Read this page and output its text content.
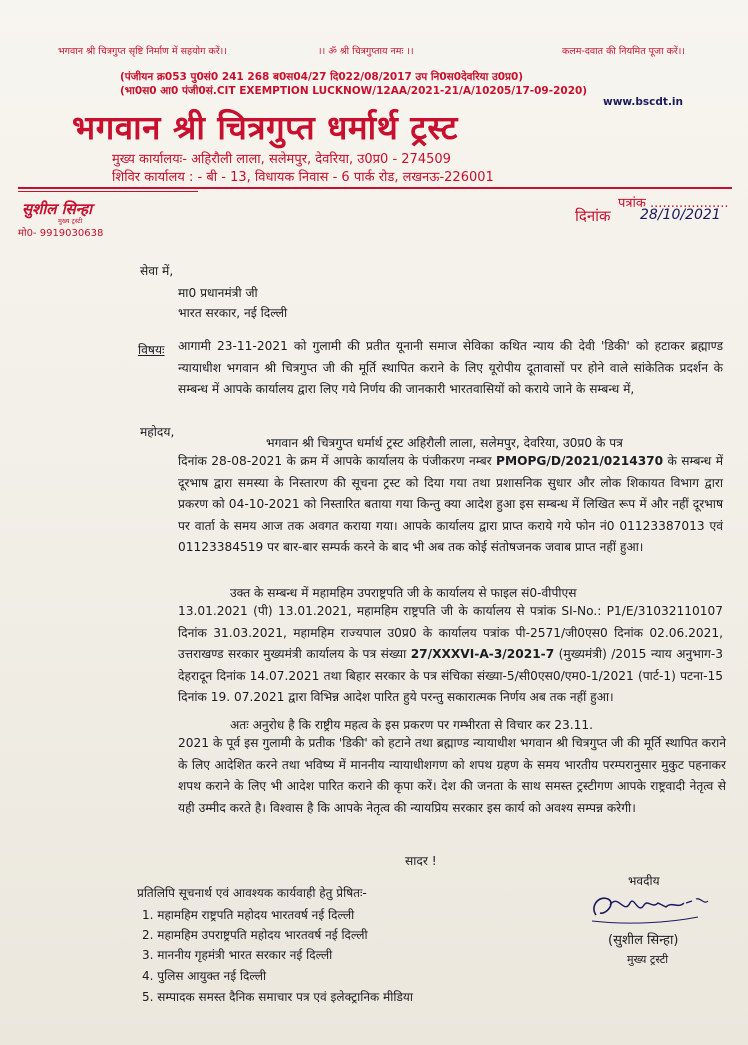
भगवान श्री चित्रगुप्त सृष्टि निर्माण में सहयोग करें।।	।। ॐ श्री चित्रगुप्ताय नमः ।।	कलम-दवात की नियमित पूजा करें।।
(पंजीयन क्र053 पु0सं0 241 268 ब0स04/27 दि022/08/2017 उप नि0स0देवरिया उ0प्र0)
(भा0स0 आ0 पंजी0सं.CIT EXEMPTION LUCKNOW/12AA/2021-21/A/10205/17-09-2020)
www.bscdt.in
भगवान श्री चित्रगुप्त धर्मार्थ ट्रस्ट
मुख्य कार्यालयः- अहिरौली लाला, सलेमपुर, देवरिया, उ0प्र0 - 274509
शिविर कार्यालय : - बी - 13, विधायक निवास - 6 पार्क रोड, लखनऊ-226001
सुशील सिन्हा
मुख्य ट्रस्टी
मो0- 9919030638
पत्रांक ...................
दिनांक 28/10/2021
सेवा में,
मा0 प्रधानमंत्री जी
भारत सरकार, नई दिल्ली
विषयः आगामी 23-11-2021 को गुलामी की प्रतीत यूनानी समाज सेविका कथित न्याय की देवी 'डिकी' को हटाकर ब्रह्माण्ड न्यायाधीश भगवान श्री चित्रगुप्त जी की मूर्ति स्थापित कराने के लिए यूरोपीय दूतावासों पर होने वाले सांकेतिक प्रदर्शन के सम्बन्ध में आपके कार्यालय द्वारा लिए गये निर्णय की जानकारी भारतवासियों को कराये जाने के सम्बन्ध में,
महोदय,
भगवान श्री चित्रगुप्त धर्मार्थ ट्रस्ट अहिरौली लाला, सलेमपुर, देवरिया, उ0प्र0 के पत्र
दिनांक 28-08-2021 के क्रम में आपके कार्यालय के पंजीकरण नम्बर PMOPG/D/2021/0214370 के सम्बन्ध में दूरभाष द्वारा समस्या के निस्तारण की सूचना ट्रस्ट को दिया गया तथा प्रशासनिक सुधार और लोक शिकायत विभाग द्वारा प्रकरण को 04-10-2021 को निस्तारित बताया गया किन्तु क्या आदेश हुआ इस सम्बन्ध में लिखित रूप में और नहीं दूरभाष पर वार्ता के समय आज तक अवगत कराया गया। आपके कार्यालय द्वारा प्राप्त कराये गये फोन नं0 01123387013 एवं 01123384519 पर बार-बार सम्पर्क करने के बाद भी अब तक कोई संतोषजनक जवाब प्राप्त नहीं हुआ।
उक्त के सम्बन्ध में महामहिम उपराष्ट्रपति जी के कार्यालय से फाइल सं0-वीपीएस
13.01.2021 (पी) 13.01.2021, महामहिम राष्ट्रपति जी के कार्यालय से पत्रांक SI-No.: P1/E/31032110107 दिनांक 31.03.2021, महामहिम राज्यपाल उ0प्र0 के कार्यालय पत्रांक पी-2571/जी0एस0 दिनांक 02.06.2021, उत्तराखण्ड सरकार मुख्यमंत्री कार्यालय के पत्र संख्या 27/XXXVI-A-3/2021-7 (मुख्यमंत्री) /2015 न्याय अनुभाग-3 देहरादून दिनांक 14.07.2021 तथा बिहार सरकार के पत्र संचिका संख्या-5/सी0एस0/एम0-1/2021 (पार्ट-1) पटना-15 दिनांक 19. 07.2021 द्वारा विभिन्न आदेश पारित हुये परन्तु सकारात्मक निर्णय अब तक नहीं हुआ।
अतः अनुरोध है कि राष्ट्रीय महत्व के इस प्रकरण पर गम्भीरता से विचार कर 23.11.
2021 के पूर्व इस गुलामी के प्रतीक 'डिकी' को हटाने तथा ब्रह्माण्ड न्यायाधीश भगवान श्री चित्रगुप्त जी की मूर्ति स्थापित कराने के लिए आदेशित करने तथा भविष्य में माननीय न्यायाधीशगण को शपथ ग्रहण के समय भारतीय परम्परानुसार मुकुट पहनाकर शपथ कराने के लिए भी आदेश पारित कराने की कृपा करें। देश की जनता के साथ समस्त ट्रस्टीगण आपके राष्ट्रवादी नेतृत्व से यही उम्मीद करते है। विश्वास है कि आपके नेतृत्व की न्यायप्रिय सरकार इस कार्य को अवश्य सम्पन्न करेगी।
सादर !
प्रतिलिपि सूचनार्थ एवं आवश्यक कार्यवाही हेतु प्रेषितः-
1. महामहिम राष्ट्रपति महोदय भारतवर्ष नई दिल्ली
2. महामहिम उपराष्ट्रपति महोदय भारतवर्ष नई दिल्ली
3. माननीय गृहमंत्री भारत सरकार नई दिल्ली
4. पुलिस आयुक्त नई दिल्ली
5. सम्पादक समस्त दैनिक समाचार पत्र एवं इलेक्ट्रानिक मीडिया
भवदीय
(सुशील सिन्हा)
मुख्य ट्रस्टी
